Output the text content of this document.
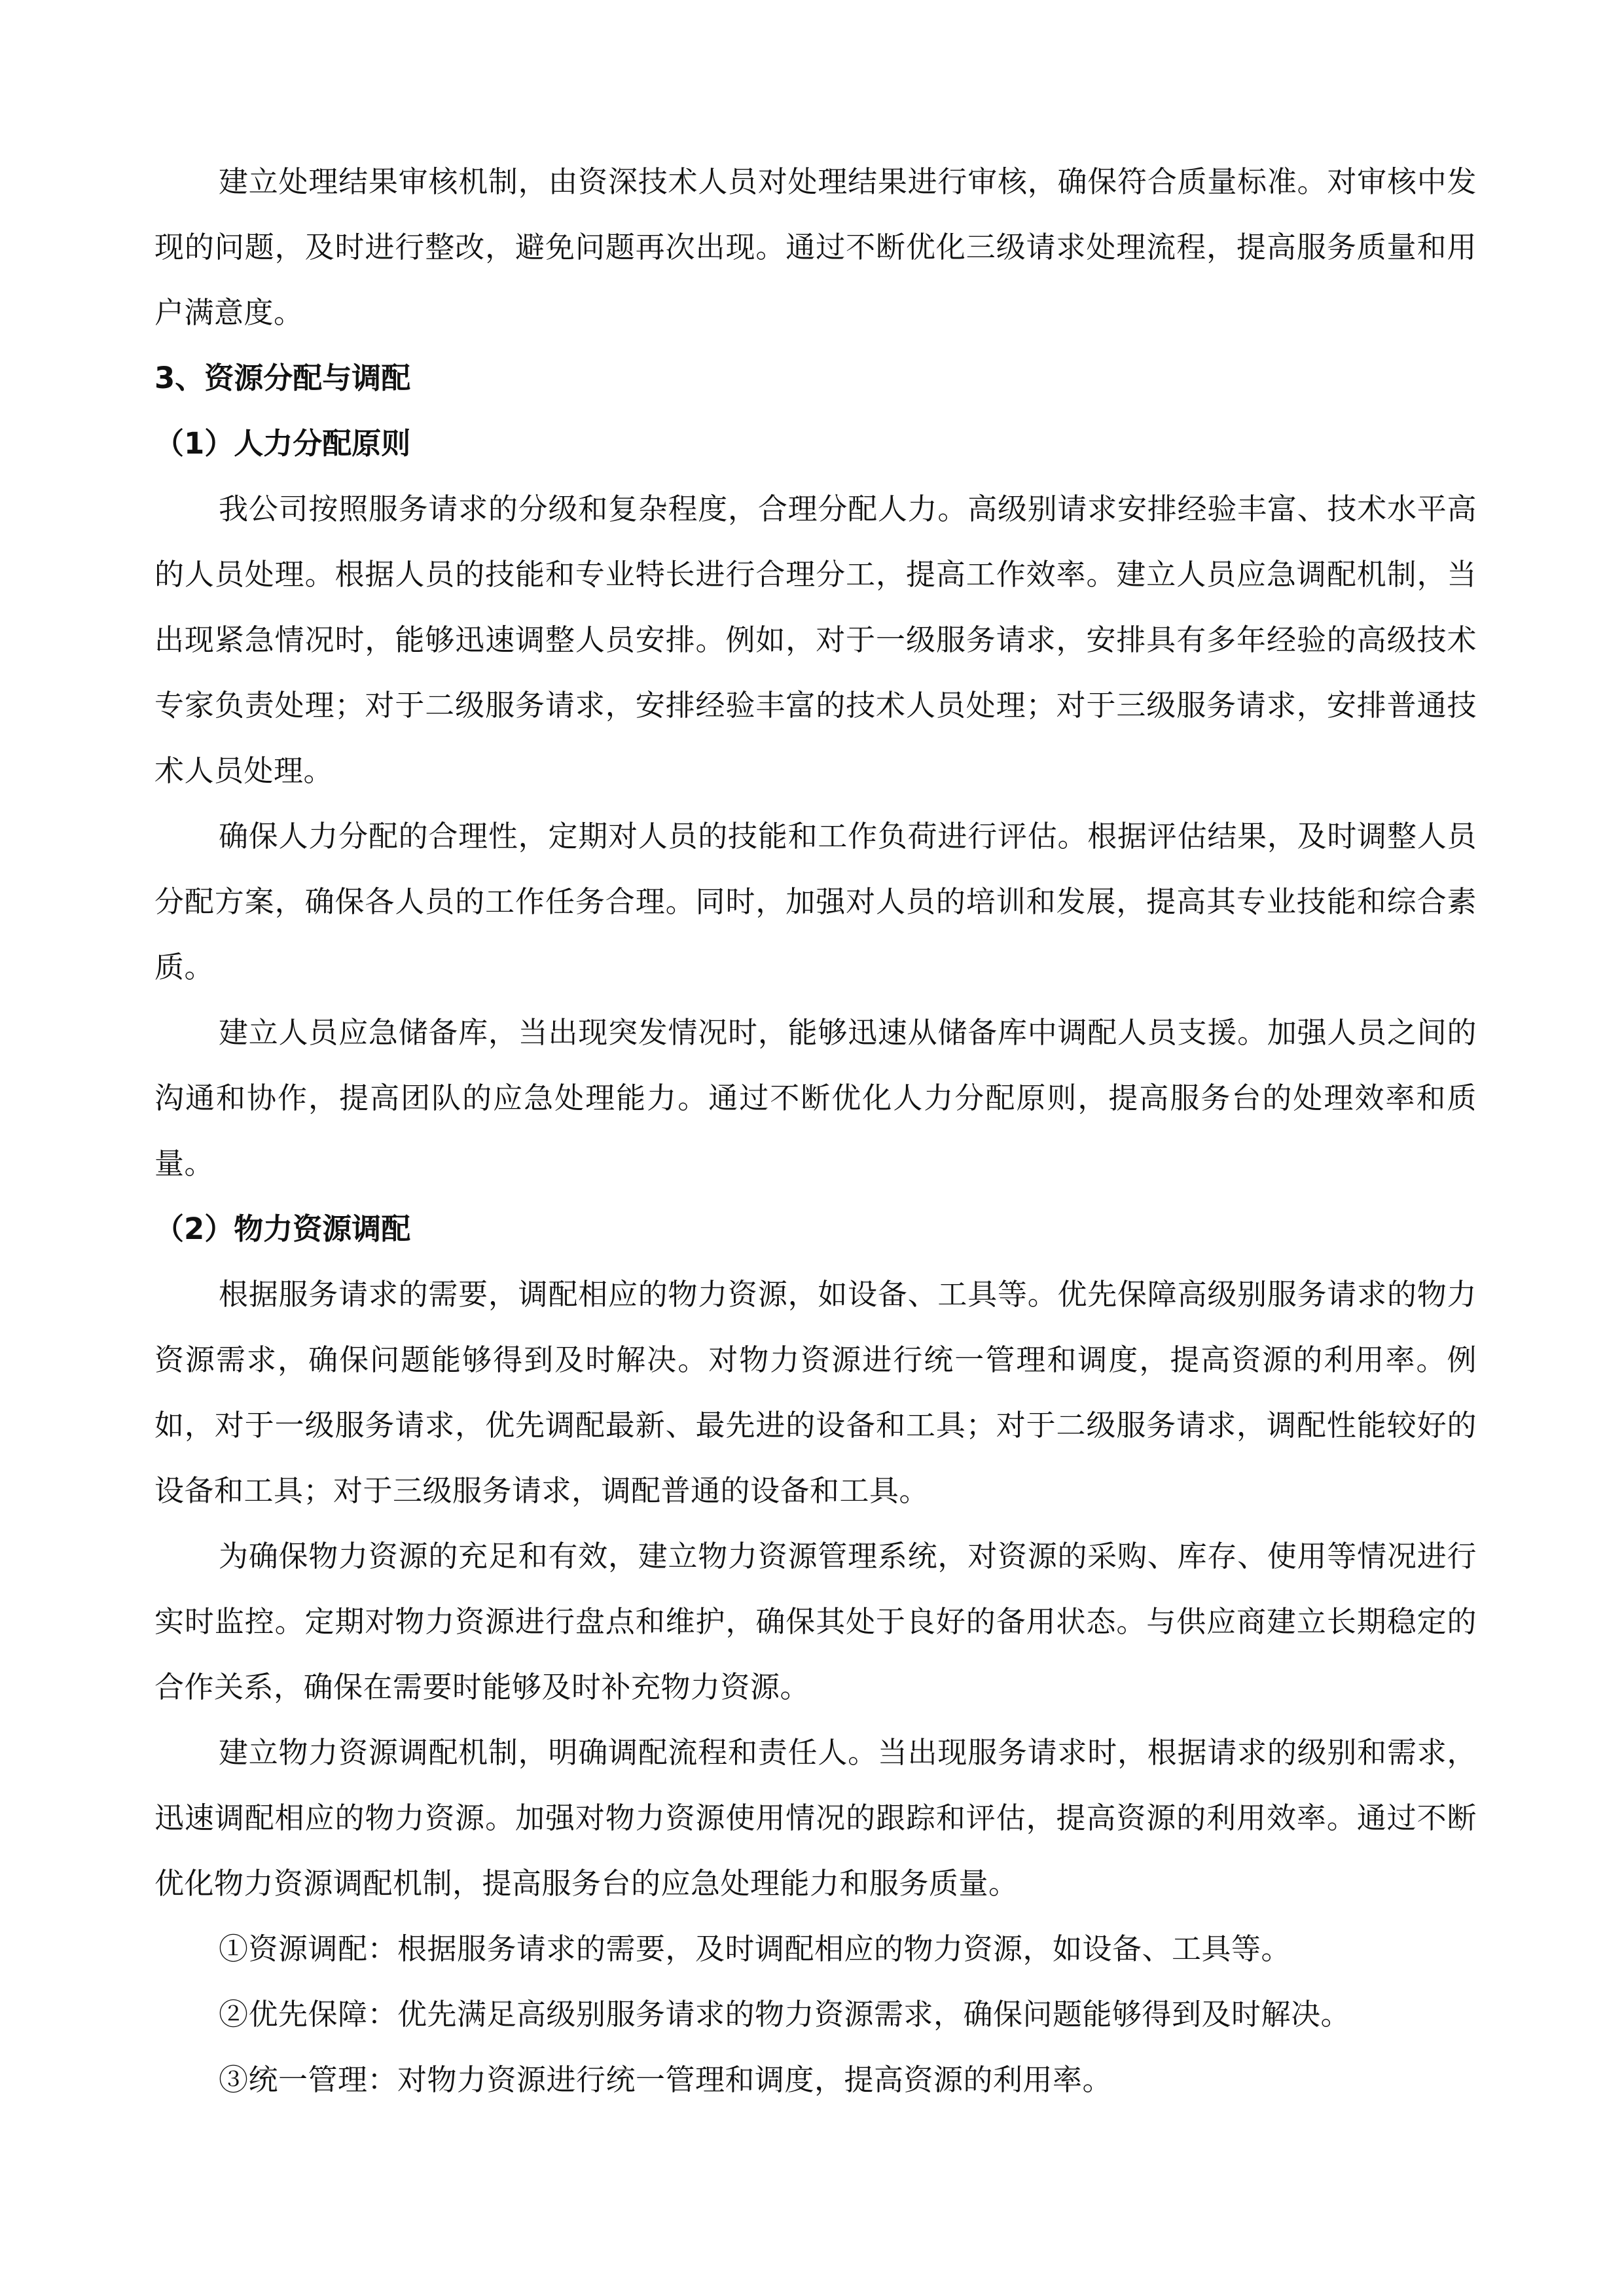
建立处理结果审核机制，由资深技术人员对处理结果进行审核，确保符合质量标准。对审核中发现的问题，及时进行整改，避免问题再次出现。通过不断优化三级请求处理流程，提高服务质量和用户满意度。

3、资源分配与调配

（1）人力分配原则

我公司按照服务请求的分级和复杂程度，合理分配人力。高级别请求安排经验丰富、技术水平高的人员处理。根据人员的技能和专业特长进行合理分工，提高工作效率。建立人员应急调配机制，当出现紧急情况时，能够迅速调整人员安排。例如，对于一级服务请求，安排具有多年经验的高级技术专家负责处理；对于二级服务请求，安排经验丰富的技术人员处理；对于三级服务请求，安排普通技术人员处理。

确保人力分配的合理性，定期对人员的技能和工作负荷进行评估。根据评估结果，及时调整人员分配方案，确保各人员的工作任务合理。同时，加强对人员的培训和发展，提高其专业技能和综合素质。

建立人员应急储备库，当出现突发情况时，能够迅速从储备库中调配人员支援。加强人员之间的沟通和协作，提高团队的应急处理能力。通过不断优化人力分配原则，提高服务台的处理效率和质量。

（2）物力资源调配

根据服务请求的需要，调配相应的物力资源，如设备、工具等。优先保障高级别服务请求的物力资源需求，确保问题能够得到及时解决。对物力资源进行统一管理和调度，提高资源的利用率。例如，对于一级服务请求，优先调配最新、最先进的设备和工具；对于二级服务请求，调配性能较好的设备和工具；对于三级服务请求，调配普通的设备和工具。

为确保物力资源的充足和有效，建立物力资源管理系统，对资源的采购、库存、使用等情况进行实时监控。定期对物力资源进行盘点和维护，确保其处于良好的备用状态。与供应商建立长期稳定的合作关系，确保在需要时能够及时补充物力资源。

建立物力资源调配机制，明确调配流程和责任人。当出现服务请求时，根据请求的级别和需求，迅速调配相应的物力资源。加强对物力资源使用情况的跟踪和评估，提高资源的利用效率。通过不断优化物力资源调配机制，提高服务台的应急处理能力和服务质量。

①资源调配：根据服务请求的需要，及时调配相应的物力资源，如设备、工具等。

②优先保障：优先满足高级别服务请求的物力资源需求，确保问题能够得到及时解决。

③统一管理：对物力资源进行统一管理和调度，提高资源的利用率。
